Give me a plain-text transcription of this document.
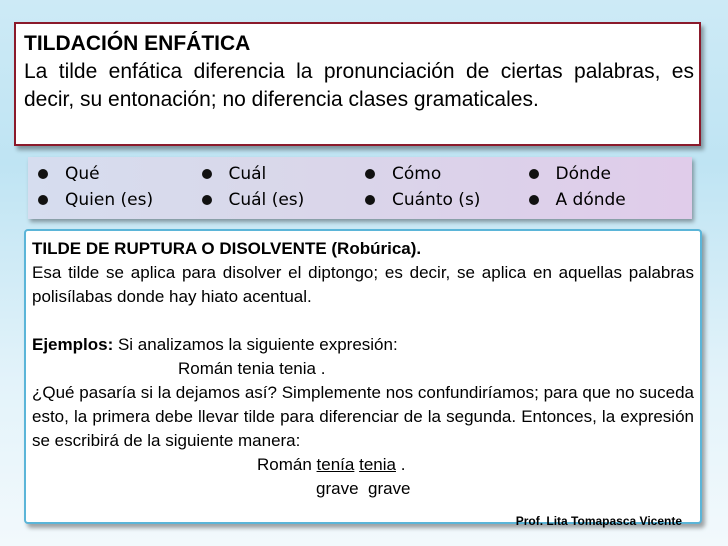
TILDACIÓN ENFÁTICA
La tilde enfática diferencia la pronunciación de ciertas palabras, es decir, su entonación; no diferencia clases gramaticales.
Qué
Quien (es)
Cuál
Cuál (es)
Cómo
Cuánto (s)
Dónde
A dónde
TILDE DE RUPTURA O DISOLVENTE (Robúrica).
Esa tilde se aplica para disolver el diptongo; es decir, se aplica en aquellas palabras polisílabas donde hay hiato acentual.
Ejemplos: Si analizamos la siguiente expresión:
Román tenia tenia .
¿Qué pasaría si la dejamos así? Simplemente nos confundiríamos; para que no suceda esto, la primera debe llevar tilde para diferenciar de la segunda. Entonces, la expresión se escribirá de la siguiente manera:
Román tenía tenia .
grave grave
Prof. Lita Tomapasca Vicente
